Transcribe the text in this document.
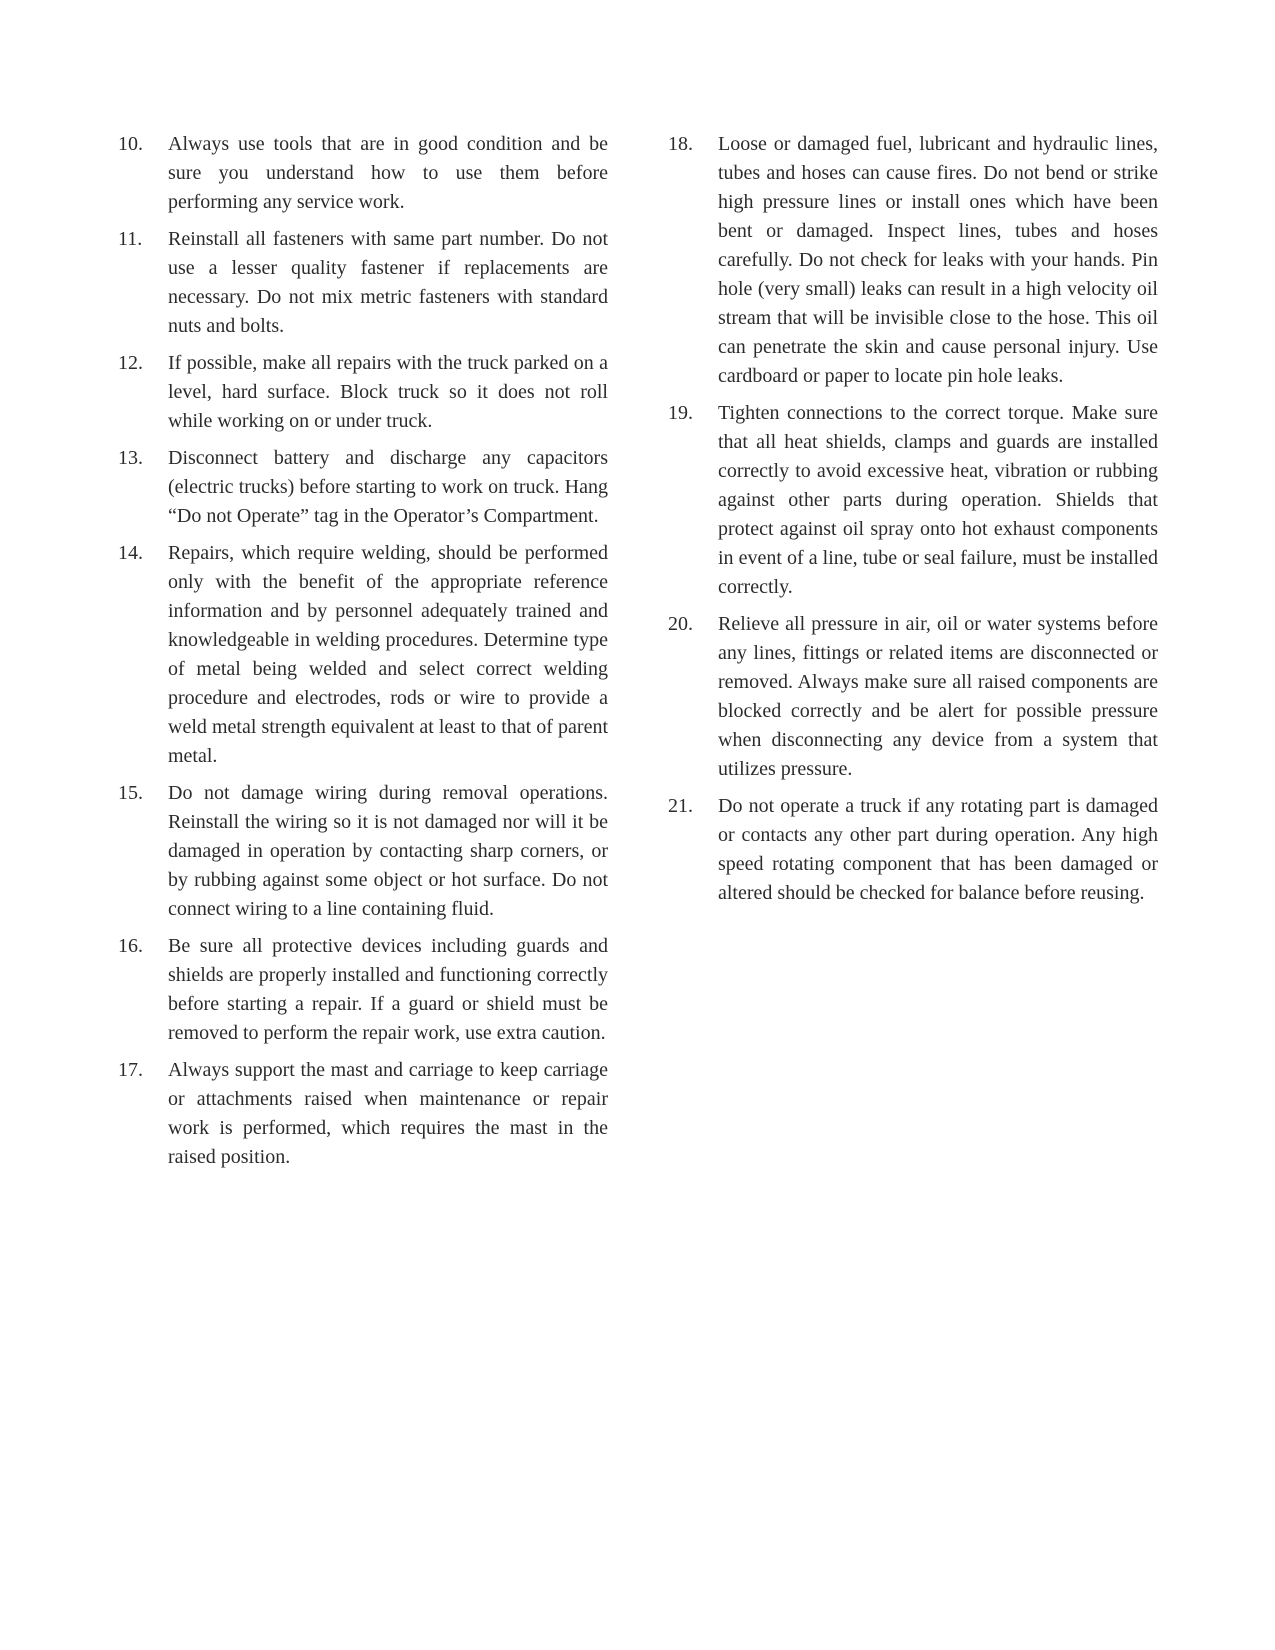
10. Always use tools that are in good condition and be sure you understand how to use them before performing any service work.
11. Reinstall all fasteners with same part number. Do not use a lesser quality fastener if replacements are necessary. Do not mix metric fasteners with standard nuts and bolts.
12. If possible, make all repairs with the truck parked on a level, hard surface. Block truck so it does not roll while working on or under truck.
13. Disconnect battery and discharge any capacitors (electric trucks) before starting to work on truck. Hang “Do not Operate” tag in the Operator’s Compartment.
14. Repairs, which require welding, should be performed only with the benefit of the appropriate reference information and by personnel adequately trained and knowledgeable in welding procedures. Determine type of metal being welded and select correct welding procedure and electrodes, rods or wire to provide a weld metal strength equivalent at least to that of parent metal.
15. Do not damage wiring during removal operations. Reinstall the wiring so it is not damaged nor will it be damaged in operation by contacting sharp corners, or by rubbing against some object or hot surface. Do not connect wiring to a line containing fluid.
16. Be sure all protective devices including guards and shields are properly installed and functioning correctly before starting a repair. If a guard or shield must be removed to perform the repair work, use extra caution.
17. Always support the mast and carriage to keep carriage or attachments raised when maintenance or repair work is performed, which requires the mast in the raised position.
18. Loose or damaged fuel, lubricant and hydraulic lines, tubes and hoses can cause fires. Do not bend or strike high pressure lines or install ones which have been bent or damaged. Inspect lines, tubes and hoses carefully. Do not check for leaks with your hands. Pin hole (very small) leaks can result in a high velocity oil stream that will be invisible close to the hose. This oil can penetrate the skin and cause personal injury. Use cardboard or paper to locate pin hole leaks.
19. Tighten connections to the correct torque. Make sure that all heat shields, clamps and guards are installed correctly to avoid excessive heat, vibration or rubbing against other parts during operation. Shields that protect against oil spray onto hot exhaust components in event of a line, tube or seal failure, must be installed correctly.
20. Relieve all pressure in air, oil or water systems before any lines, fittings or related items are disconnected or removed. Always make sure all raised components are blocked correctly and be alert for possible pressure when disconnecting any device from a system that utilizes pressure.
21. Do not operate a truck if any rotating part is damaged or contacts any other part during operation. Any high speed rotating component that has been damaged or altered should be checked for balance before reusing.
